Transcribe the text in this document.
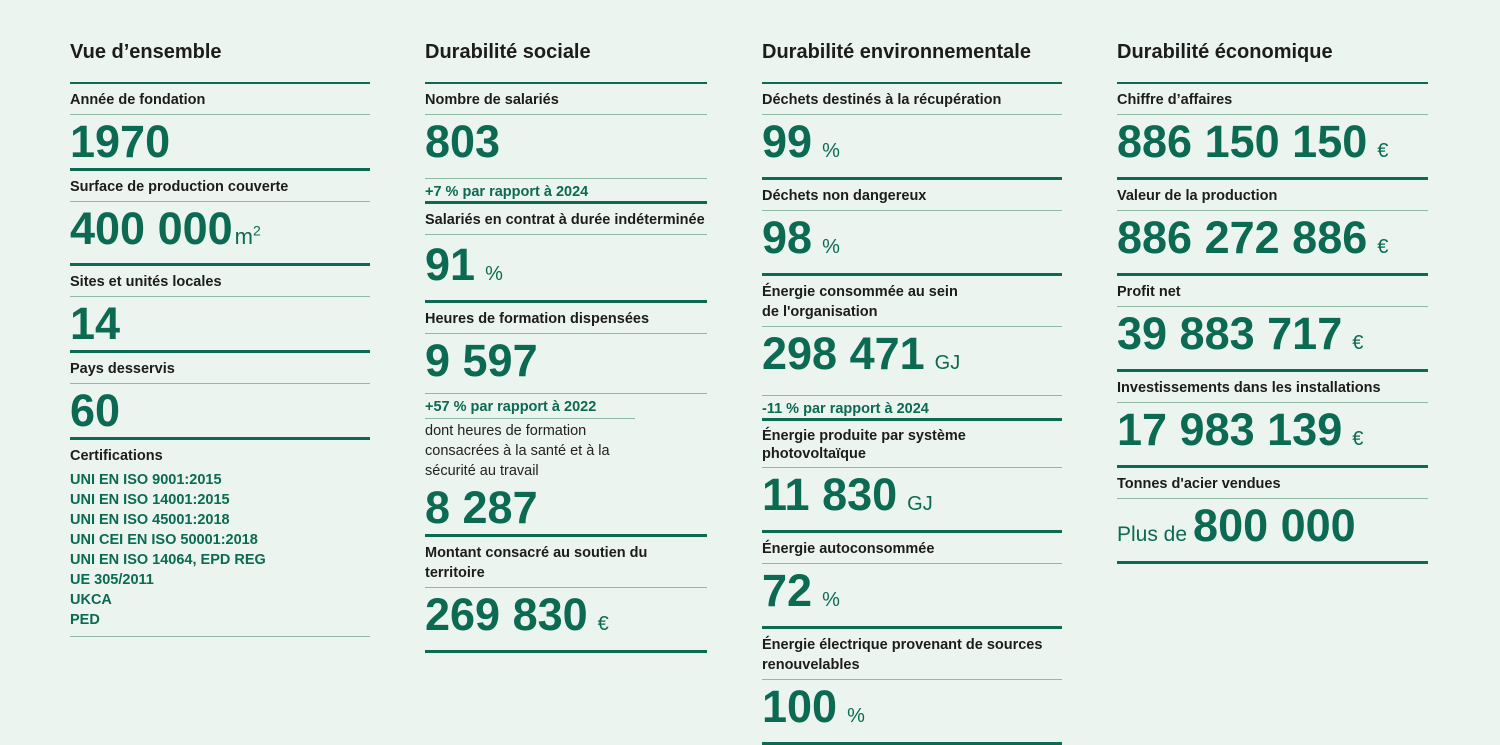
Vue d’ensemble
Année de fondation
1970
Surface de production couverte
400 $000m^2$
Sites et unités locales
14
Pays desservis
60
Certifications
UNI EN ISO 9001:2015
UNI EN ISO 14001:2015
UNI EN ISO 45001:2018
UNI CEI EN ISO 50001:2018
UNI EN ISO 14064, EPD REG
UE 305/2011
UKCA
PED
Durabilité sociale
Nombre de salariés
803
+7 % par rapport à 2024
Salariés en contrat à durée indéterminée
91 %
Heures de formation dispensées
9 597
+57 % par rapport à 2022
dont heures de formation consacrées à la santé et à la sécurité au travail
8 287
Montant consacré au soutien du territoire
269 830 €
Durabilité environnementale
Déchets destinés à la récupération
99 %
Déchets non dangereux
98 %
Énergie consommée au sein
de l'organisation
298 471 GJ
-11 % par rapport à 2024
Énergie produite par système photovoltaïque
11 830 GJ
Énergie autoconsommée
72 %
Énergie électrique provenant de sources renouvelables
100 %
Durabilité économique
Chiffre d’affaires
886 150 150 €
Valeur de la production
886 272 886 €
Profit net
39 883 717 €
Investissements dans les installations
17 983 139 €
Tonnes d'acier vendues
Plus de 800 000
